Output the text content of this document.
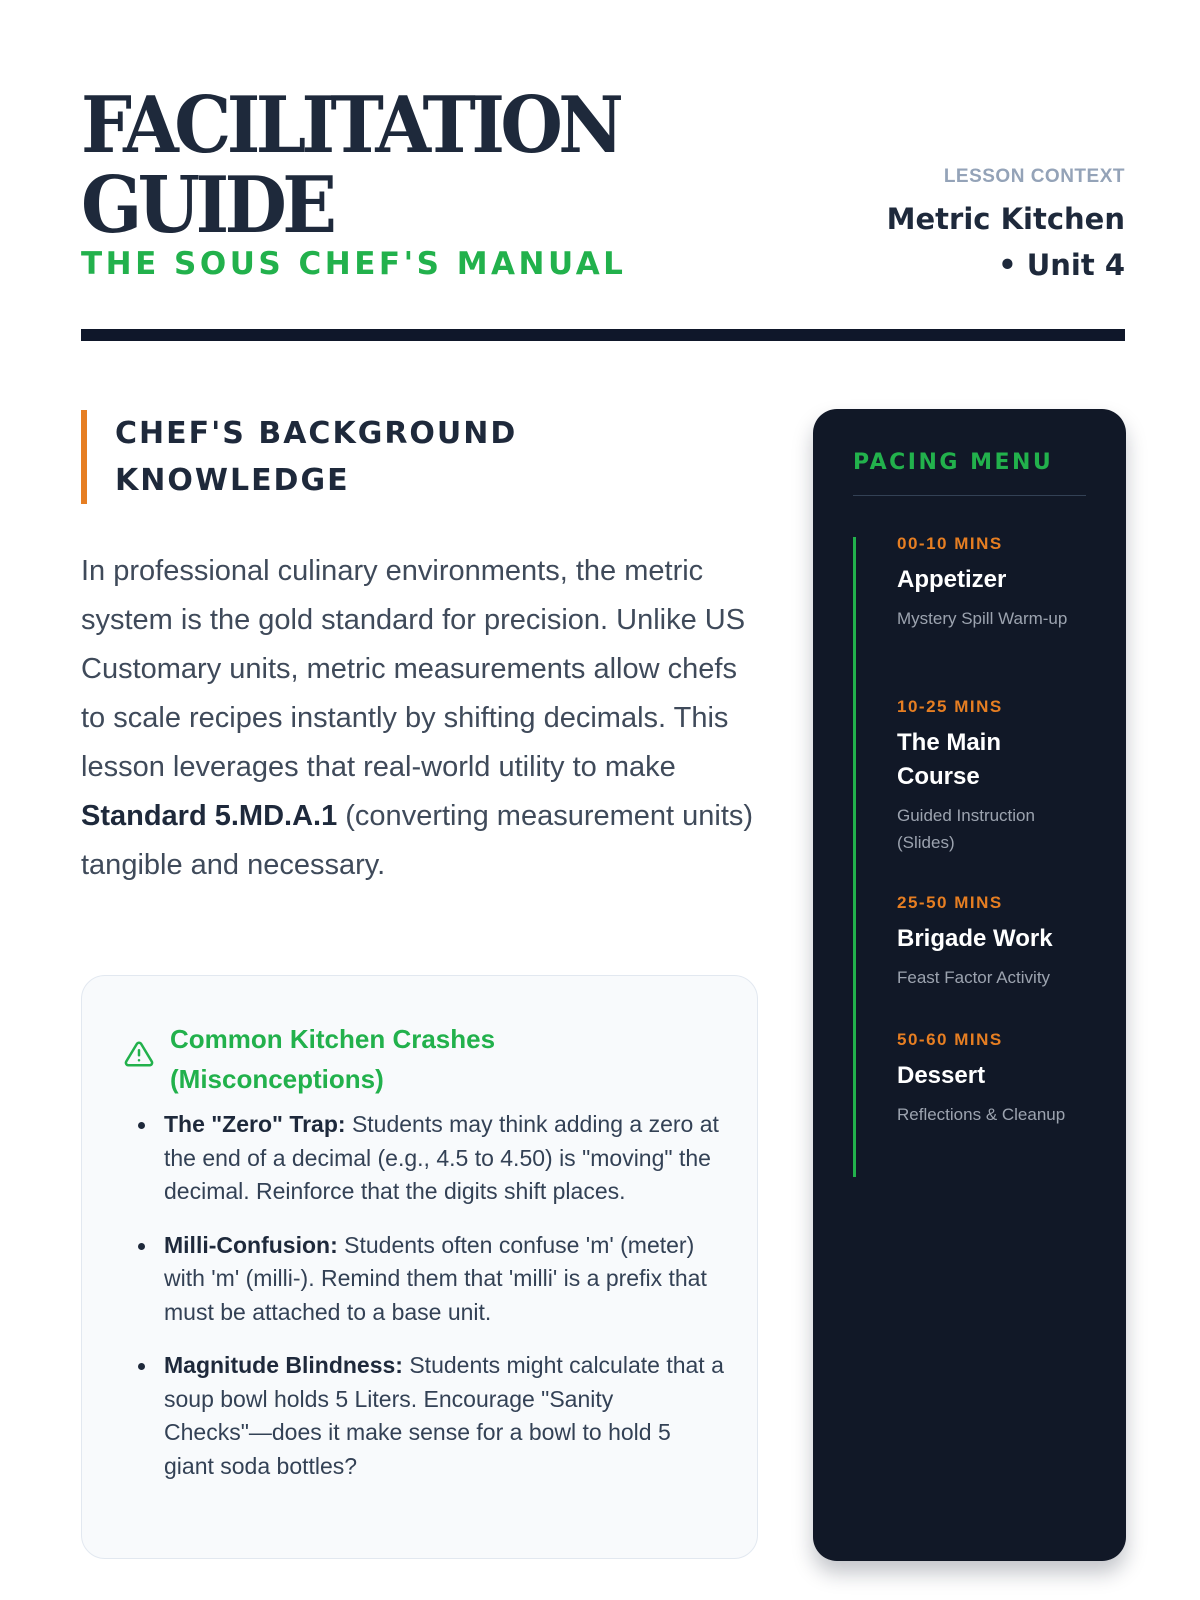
FACILITATION GUIDE
THE SOUS CHEF'S MANUAL
LESSON CONTEXT
Metric Kitchen • Unit 4
CHEF'S BACKGROUND KNOWLEDGE

In professional culinary environments, the metric system is the gold standard for precision. Unlike US Customary units, metric measurements allow chefs to scale recipes instantly by shifting decimals. This lesson leverages that real-world utility to make Standard 5.MD.A.1 (converting measurement units) tangible and necessary.

Common Kitchen Crashes (Misconceptions)
The "Zero" Trap: Students may think adding a zero at the end of a decimal (e.g., 4.5 to 4.50) is "moving" the decimal. Reinforce that the digits shift places.
Milli-Confusion: Students often confuse 'm' (meter) with 'm' (milli-). Remind them that 'milli' is a prefix that must be attached to a base unit.
Magnitude Blindness: Students might calculate that a soup bowl holds 5 Liters. Encourage "Sanity Checks"—does it make sense for a bowl to hold 5 giant soda bottles?
PACING MENU
00-10 MINS
Appetizer
Mystery Spill Warm-up
10-25 MINS
The Main Course
Guided Instruction (Slides)
25-50 MINS
Brigade Work
Feast Factor Activity
50-60 MINS
Dessert
Reflections & Cleanup
